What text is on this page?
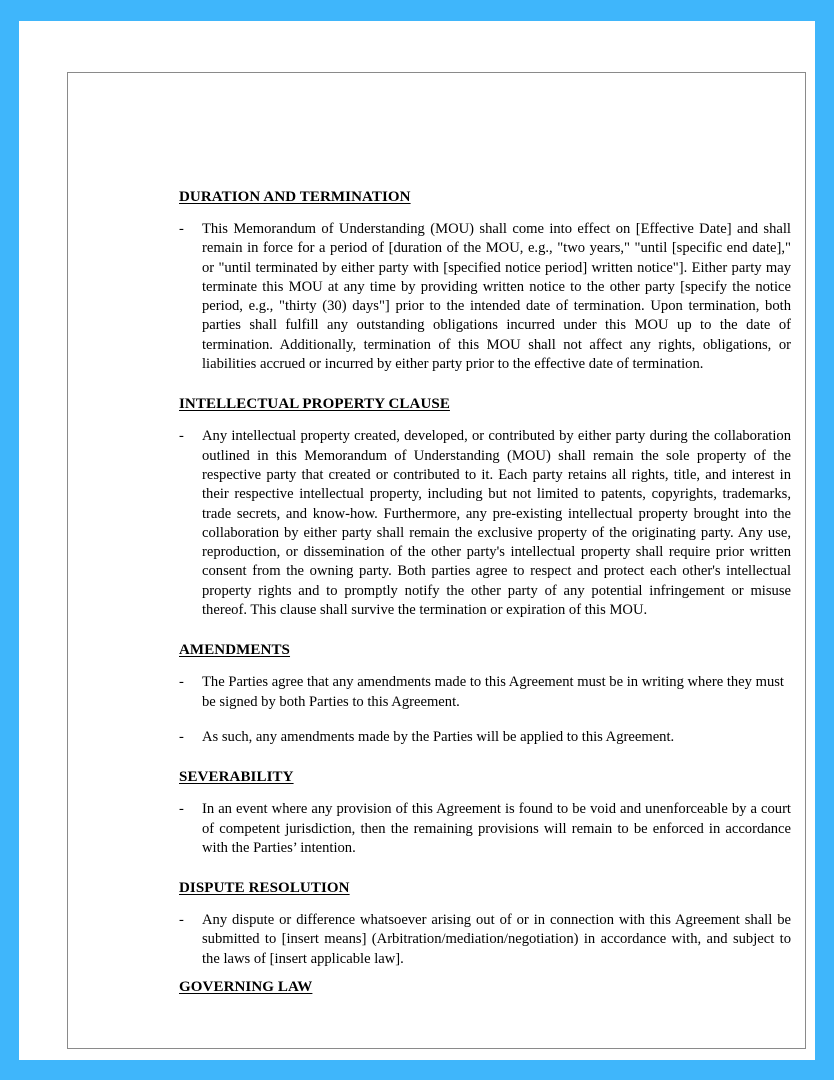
DURATION AND TERMINATION
-	This Memorandum of Understanding (MOU) shall come into effect on [Effective Date] and shall remain in force for a period of [duration of the MOU, e.g., "two years," "until [specific end date]," or "until terminated by either party with [specified notice period] written notice"]. Either party may terminate this MOU at any time by providing written notice to the other party [specify the notice period, e.g., "thirty (30) days"] prior to the intended date of termination. Upon termination, both parties shall fulfill any outstanding obligations incurred under this MOU up to the date of termination. Additionally, termination of this MOU shall not affect any rights, obligations, or liabilities accrued or incurred by either party prior to the effective date of termination.
INTELLECTUAL PROPERTY CLAUSE
-	Any intellectual property created, developed, or contributed by either party during the collaboration outlined in this Memorandum of Understanding (MOU) shall remain the sole property of the respective party that created or contributed to it. Each party retains all rights, title, and interest in their respective intellectual property, including but not limited to patents, copyrights, trademarks, trade secrets, and know-how. Furthermore, any pre-existing intellectual property brought into the collaboration by either party shall remain the exclusive property of the originating party. Any use, reproduction, or dissemination of the other party's intellectual property shall require prior written consent from the owning party. Both parties agree to respect and protect each other's intellectual property rights and to promptly notify the other party of any potential infringement or misuse thereof. This clause shall survive the termination or expiration of this MOU.
AMENDMENTS
-	The Parties agree that any amendments made to this Agreement must be in writing where they must be signed by both Parties to this Agreement.
-	As such, any amendments made by the Parties will be applied to this Agreement.
SEVERABILITY
-	In an event where any provision of this Agreement is found to be void and unenforceable by a court of competent jurisdiction, then the remaining provisions will remain to be enforced in accordance with the Parties’ intention.
DISPUTE RESOLUTION
-	Any dispute or difference whatsoever arising out of or in connection with this Agreement shall be submitted to [insert means] (Arbitration/mediation/negotiation) in accordance with, and subject to the laws of [insert applicable law].
GOVERNING LAW
